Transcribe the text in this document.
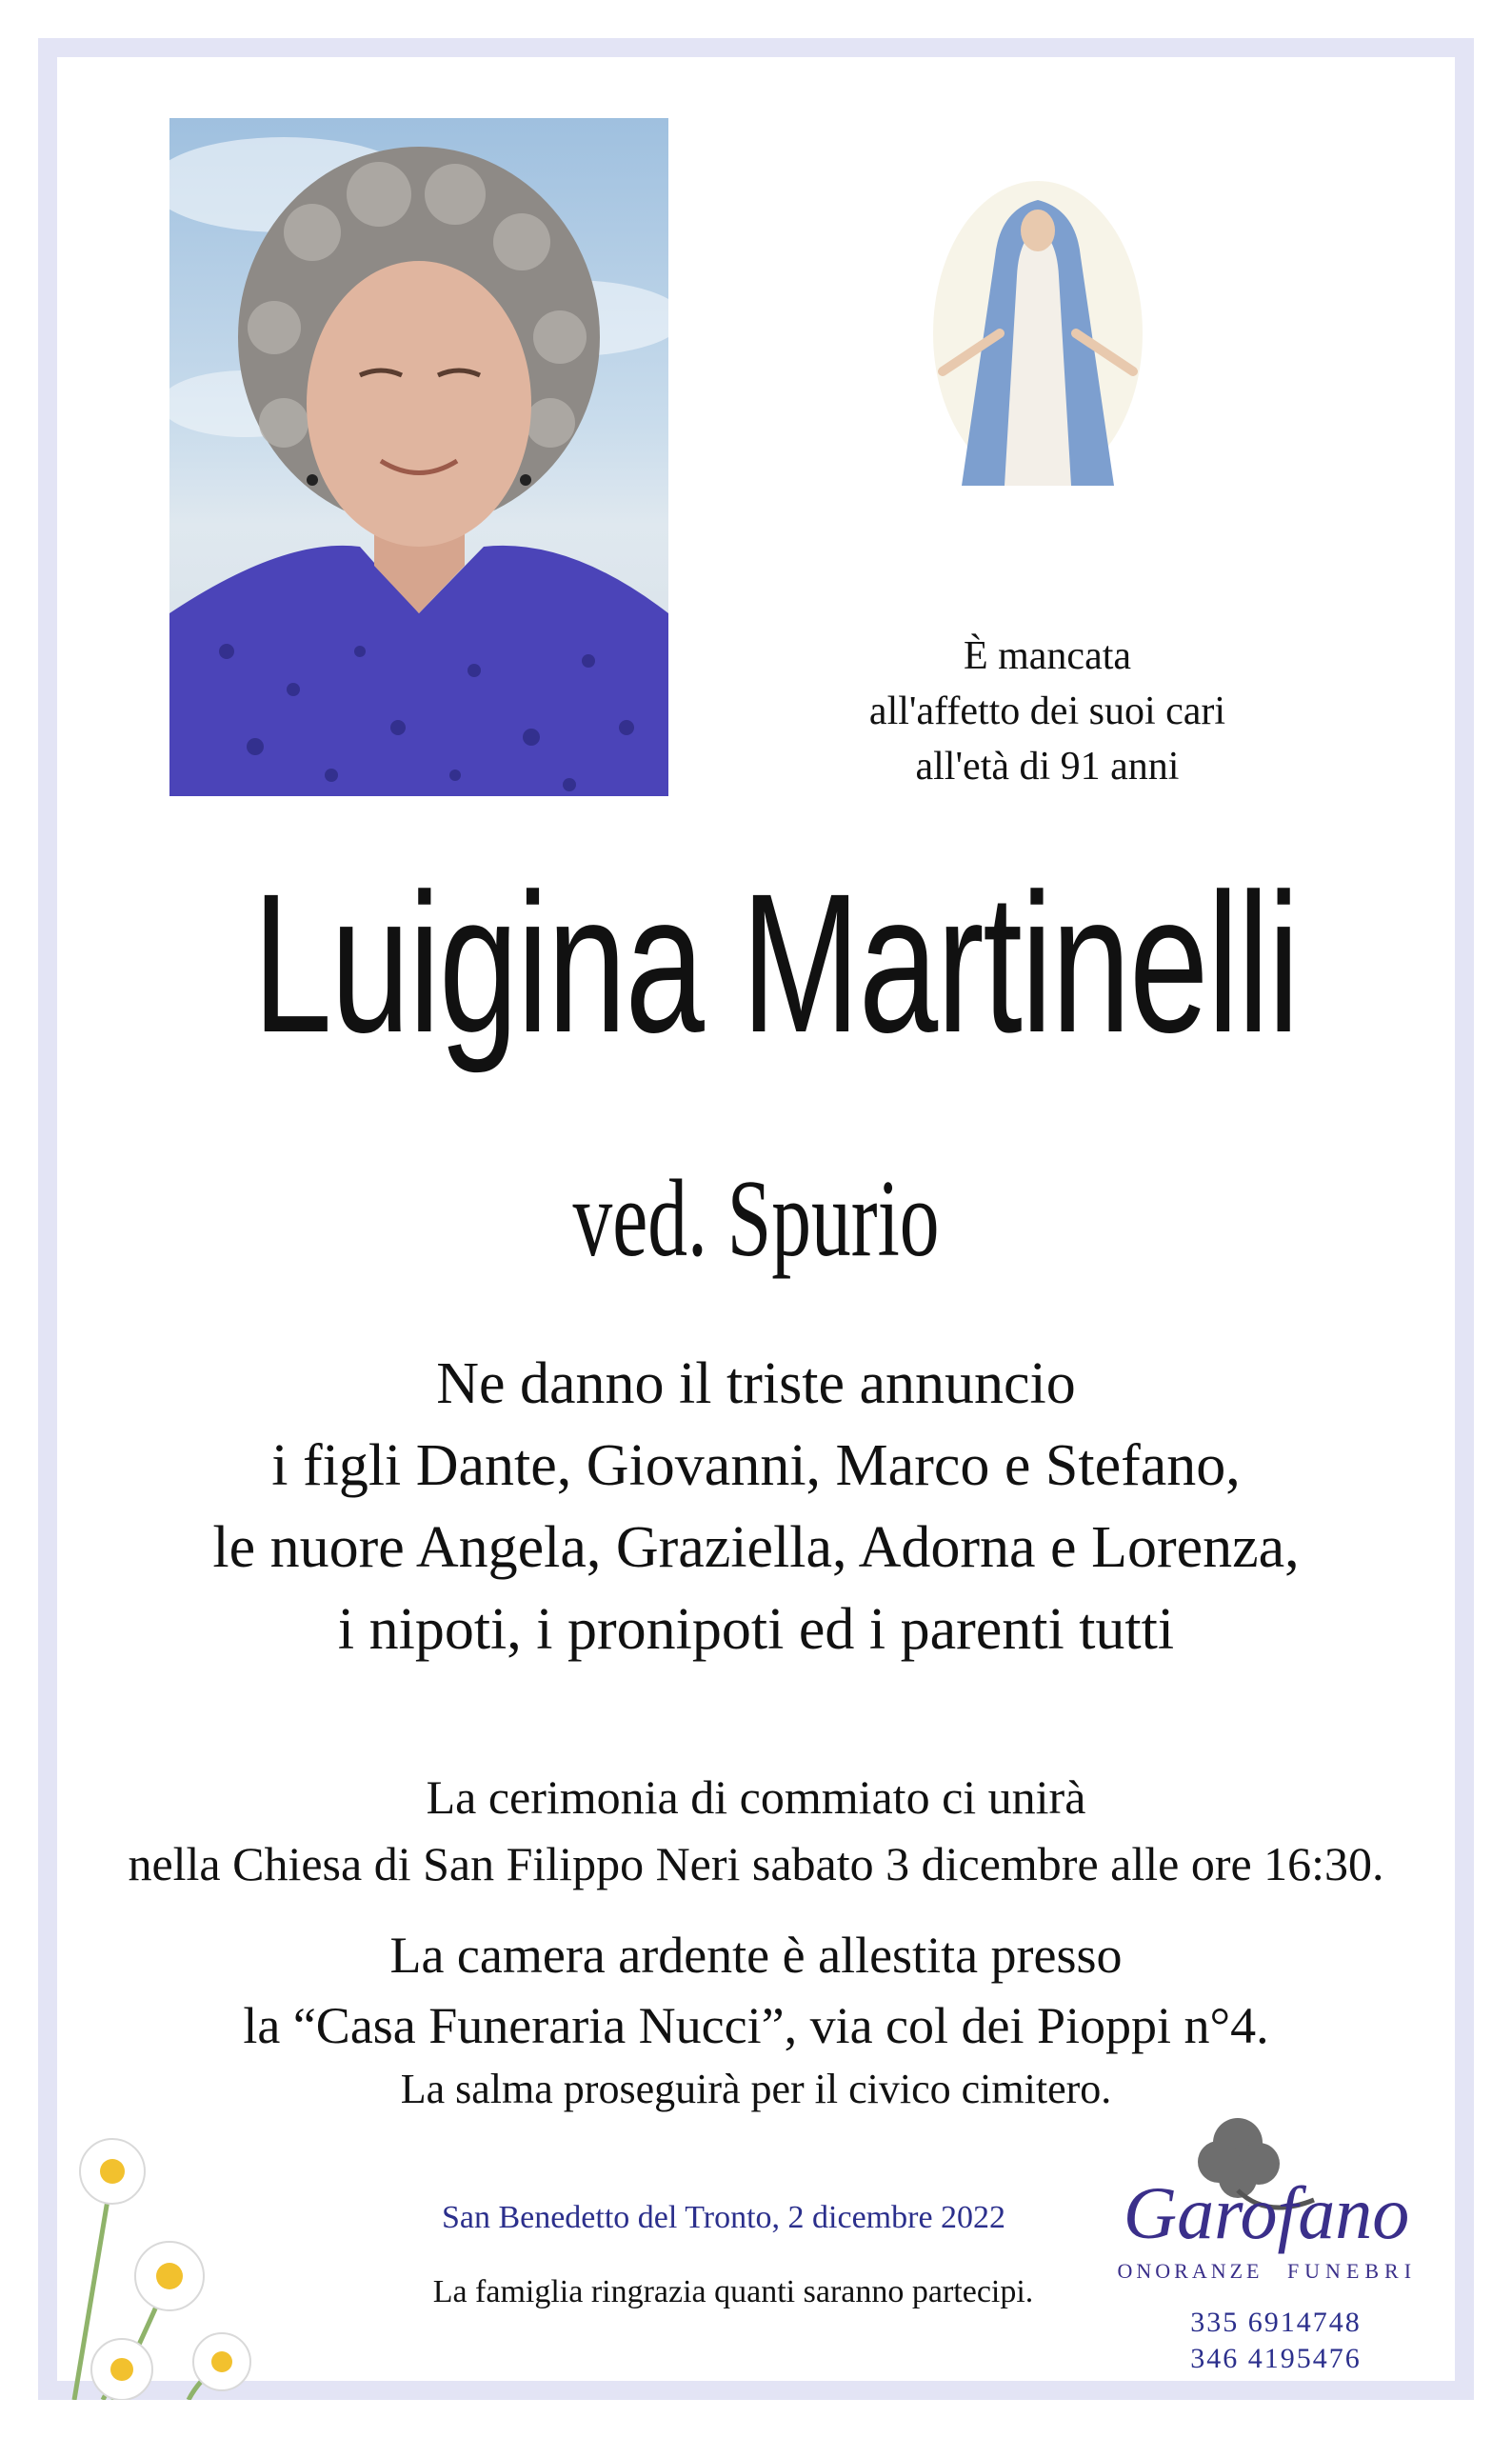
È mancata
all'affetto dei suoi cari
all'età di 91 anni
Luigina Martinelli
ved. Spurio
Ne danno il triste annuncio
i figli Dante, Giovanni, Marco e Stefano,
le nuore Angela, Graziella, Adorna e Lorenza,
i nipoti, i pronipoti ed i parenti tutti
La cerimonia di commiato ci unirà
nella Chiesa di San Filippo Neri sabato 3 dicembre alle ore 16:30.
La camera ardente è allestita presso
la “Casa Funeraria Nucci”, via col dei Pioppi n°4.
La salma proseguirà per il civico cimitero.
San Benedetto del Tronto, 2 dicembre 2022
La famiglia ringrazia quanti saranno partecipi.
Garofano
ONORANZE FUNEBRI
335 6914748
346 4195476
